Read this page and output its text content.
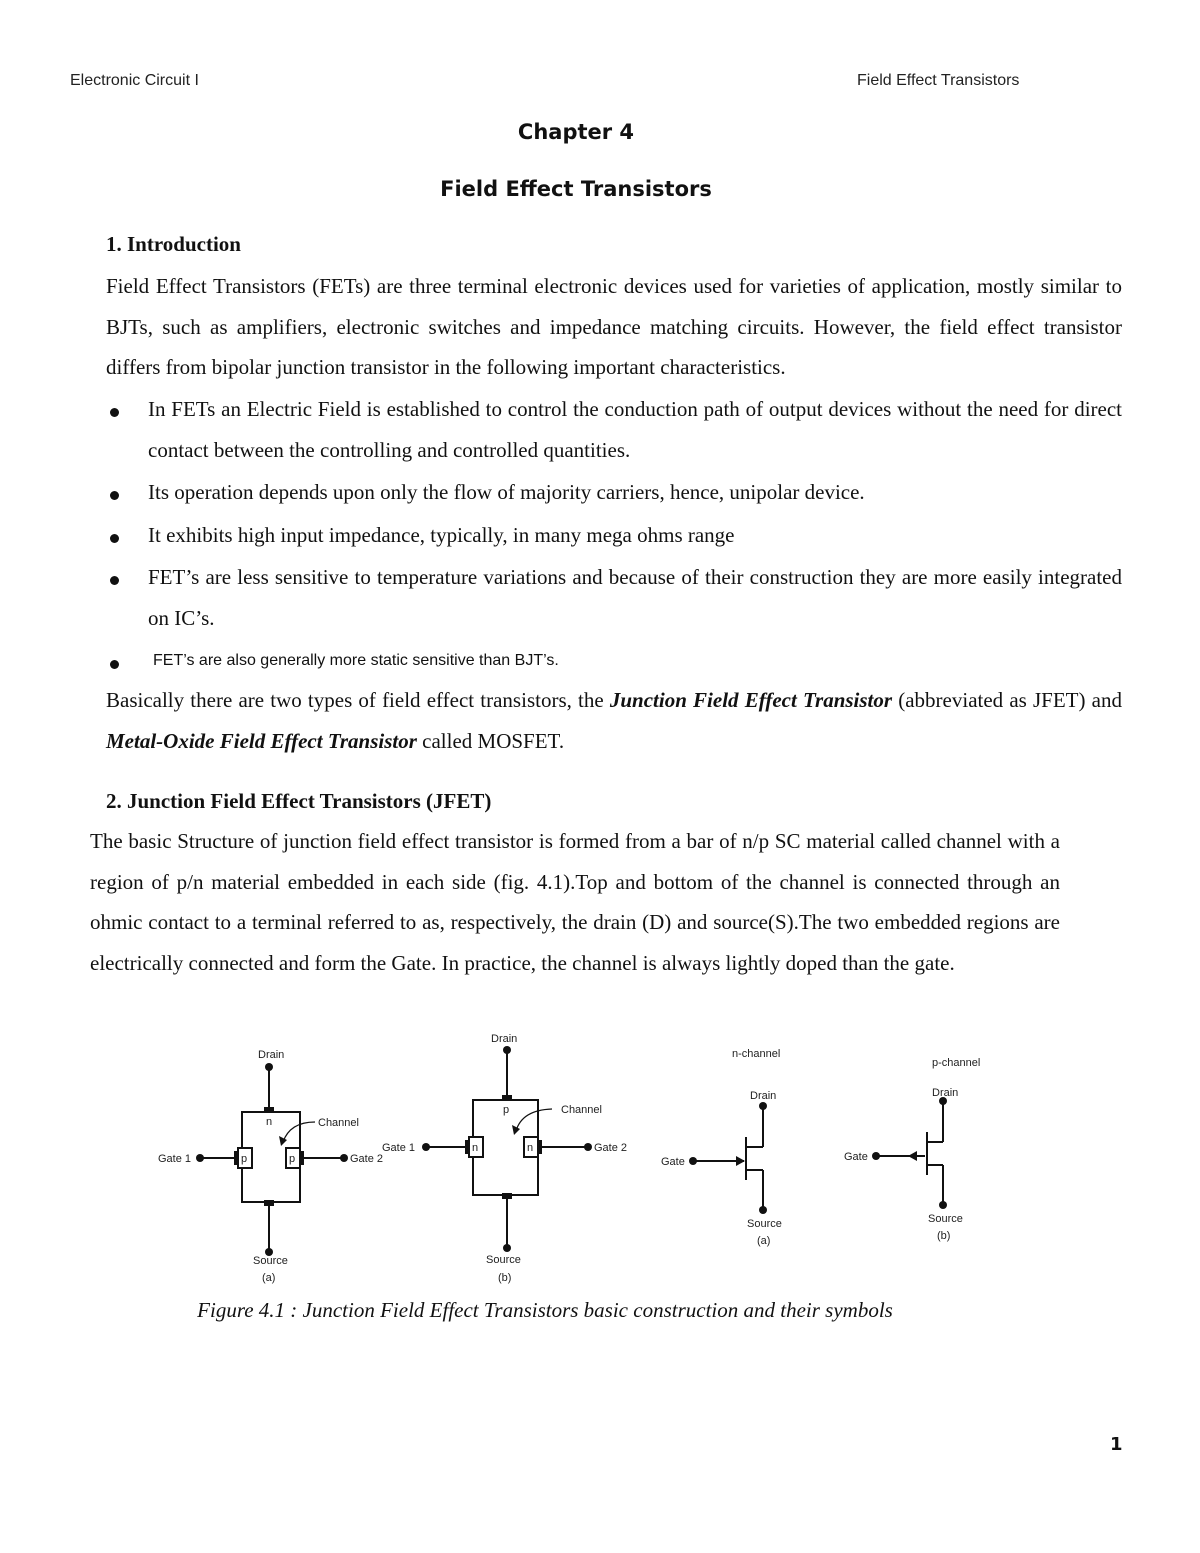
Electronic Circuit I	Field Effect Transistors
Chapter 4
Field Effect Transistors
1. Introduction
Field Effect Transistors (FETs) are three terminal electronic devices used for varieties of application, mostly similar to BJTs, such as amplifiers, electronic switches and impedance matching circuits. However, the field effect transistor differs from bipolar junction transistor in the following important characteristics.
In FETs an Electric Field is established to control the conduction path of output devices without the need for direct contact between the controlling and controlled quantities.
Its operation depends upon only the flow of majority carriers, hence, unipolar device.
It exhibits high input impedance, typically, in many mega ohms range
FET’s are less sensitive to temperature variations and because of their construction they are more easily integrated on IC’s.
FET’s are also generally more static sensitive than BJT’s.
Basically there are two types of field effect transistors, the Junction Field Effect Transistor (abbreviated as JFET) and Metal-Oxide Field Effect Transistor called MOSFET.
2. Junction Field Effect Transistors (JFET)
The basic Structure of junction field effect transistor is formed from a bar of n/p SC material called channel with a region of p/n material embedded in each side (fig. 4.1).Top and bottom of the channel is connected through an ohmic contact to a terminal referred to as, respectively, the drain (D) and source(S).The two embedded regions are electrically connected and form the Gate. In practice, the channel is always lightly doped than the gate.
Drain
n
p	p
Channel
Gate 1	Gate 2
Source
(a)
Drain
p
n	n
Channel
Gate 1	Gate 2
Source
(b)
n-channel
Drain
Gate
Source
(a)
p-channel
Drain
Gate
Source
(b)
Figure 4.1 : Junction Field Effect Transistors basic construction and their symbols
1
